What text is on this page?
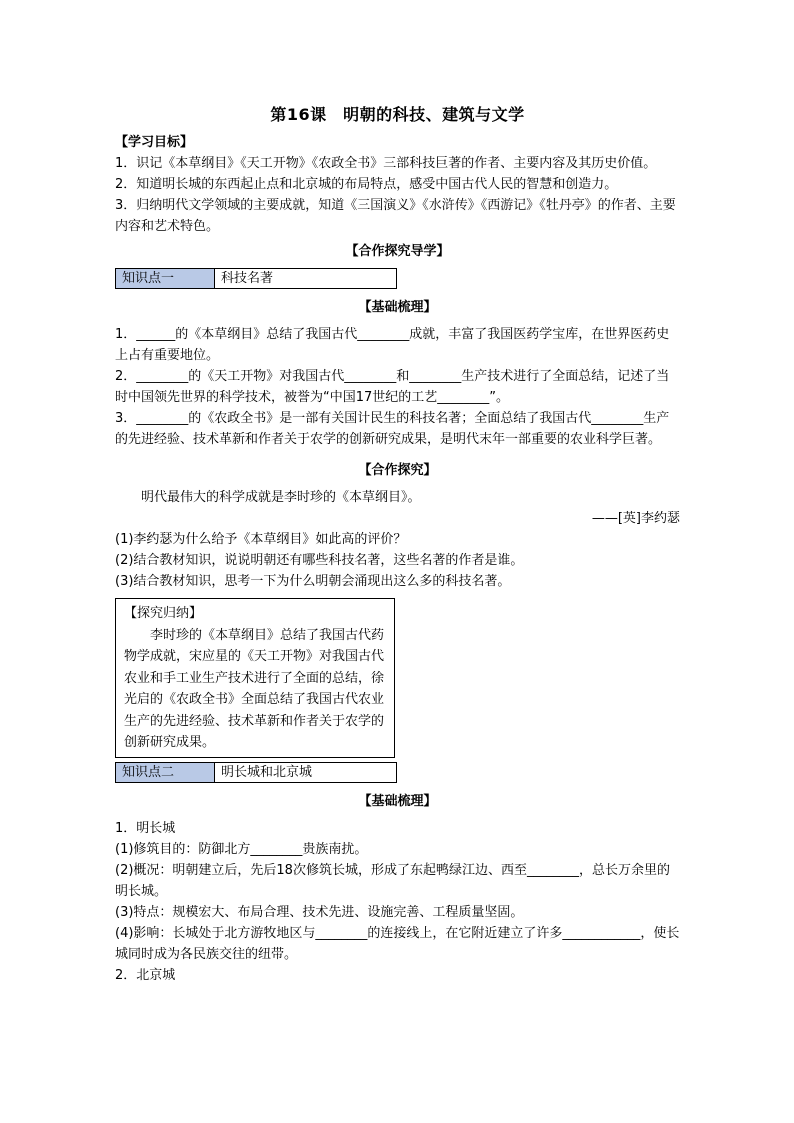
第16课　明朝的科技、建筑与文学

【学习目标】

1．识记《本草纲目》《天工开物》《农政全书》三部科技巨著的作者、主要内容及其历史价值。

2．知道明长城的东西起止点和北京城的布局特点，感受中国古代人民的智慧和创造力。

3．归纳明代文学领域的主要成就，知道《三国演义》《水浒传》《西游记》《牡丹亭》的作者、主要内容和艺术特色。

【合作探究导学】

知识点一	科技名著

【基础梳理】

1．______的《本草纲目》总结了我国古代________成就，丰富了我国医药学宝库，在世界医药史上占有重要地位。

2．________的《天工开物》对我国古代________和________生产技术进行了全面总结，记述了当时中国领先世界的科学技术，被誉为“中国17世纪的工艺________”。

3．________的《农政全书》是一部有关国计民生的科技名著；全面总结了我国古代________生产的先进经验、技术革新和作者关于农学的创新研究成果，是明代末年一部重要的农业科学巨著。

【合作探究】

明代最伟大的科学成就是李时珍的《本草纲目》。

——[英]李约瑟

(1)李约瑟为什么给予《本草纲目》如此高的评价？

(2)结合教材知识，说说明朝还有哪些科技名著，这些名著的作者是谁。

(3)结合教材知识，思考一下为什么明朝会涌现出这么多的科技名著。

【探究归纳】

李时珍的《本草纲目》总结了我国古代药物学成就，宋应星的《天工开物》对我国古代农业和手工业生产技术进行了全面的总结，徐光启的《农政全书》全面总结了我国古代农业生产的先进经验、技术革新和作者关于农学的创新研究成果。

知识点二	明长城和北京城

【基础梳理】

1．明长城

(1)修筑目的：防御北方________贵族南扰。

(2)概况：明朝建立后，先后18次修筑长城，形成了东起鸭绿江边、西至________，总长万余里的明长城。

(3)特点：规模宏大、布局合理、技术先进、设施完善、工程质量坚固。

(4)影响：长城处于北方游牧地区与________的连接线上，在它附近建立了许多____________，使长城同时成为各民族交往的纽带。

2．北京城
